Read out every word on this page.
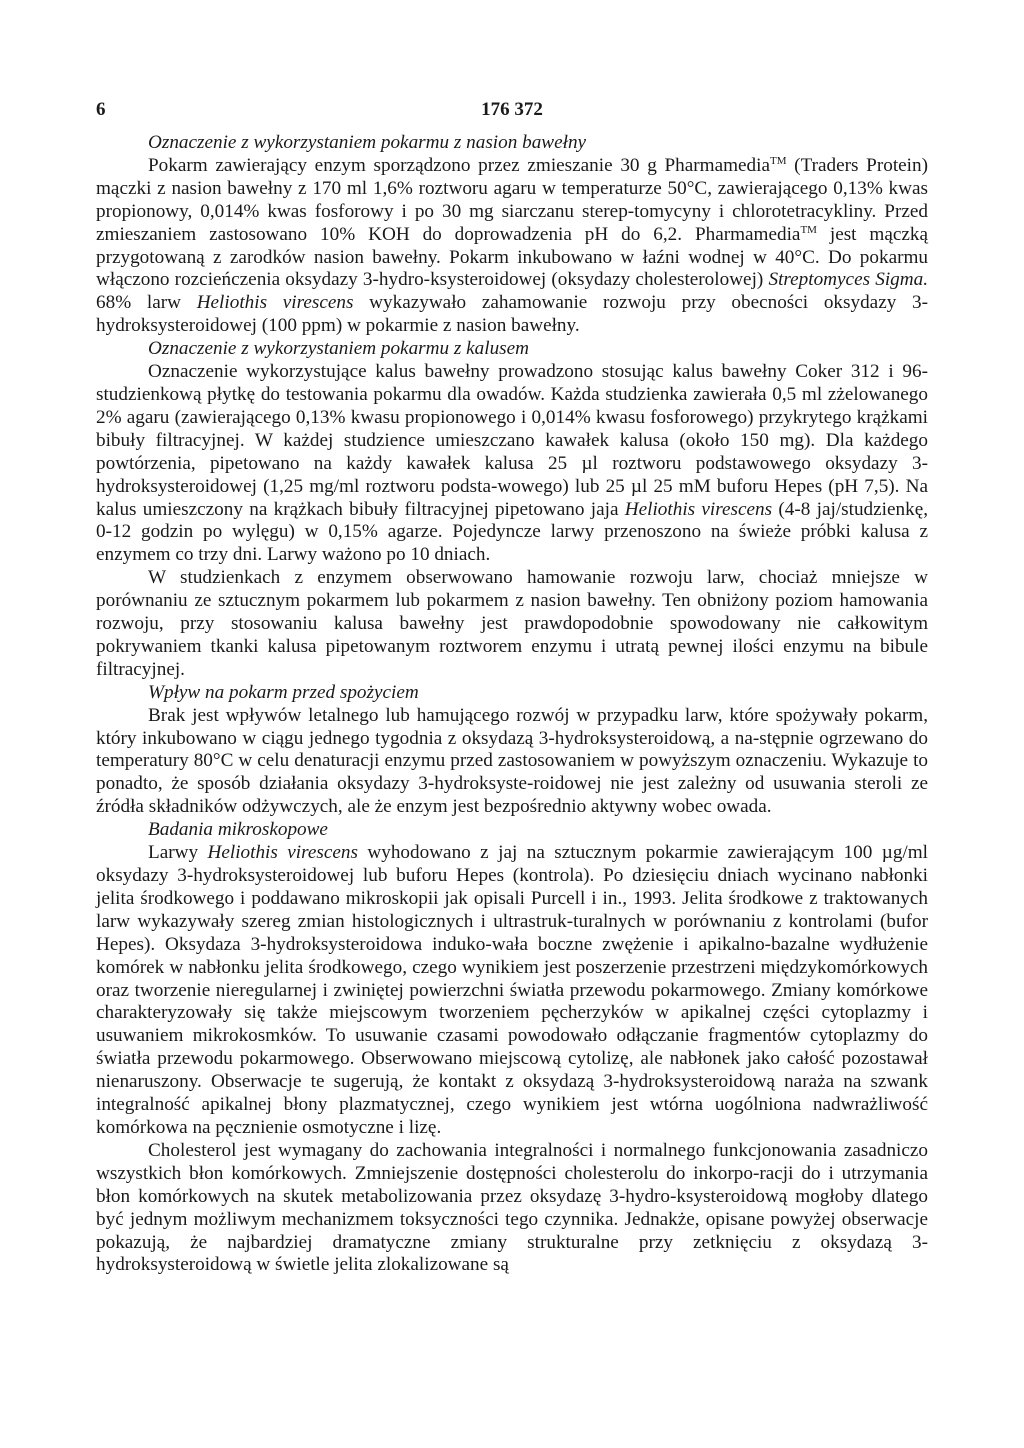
6	176 372

Oznaczenie z wykorzystaniem pokarmu z nasion bawełny

Pokarm zawierający enzym sporządzono przez zmieszanie 30 g Pharmamedia™ (Traders Protein) mączki z nasion bawełny z 170 ml 1,6% roztworu agaru w temperaturze 50°C, zawierającego 0,13% kwas propionowy, 0,014% kwas fosforowy i po 30 mg siarczanu sterep-tomycyny i chlorotetracykliny. Przed zmieszaniem zastosowano 10% KOH do doprowadzenia pH do 6,2. Pharmamedia™ jest mączką przygotowaną z zarodków nasion bawełny. Pokarm inkubowano w łaźni wodnej w 40°C. Do pokarmu włączono rozcieńczenia oksydazy 3-hydro-ksysteroidowej (oksydazy cholesterolowej) Streptomyces Sigma. 68% larw Heliothis virescens wykazywało zahamowanie rozwoju przy obecności oksydazy 3-hydroksysteroidowej (100 ppm) w pokarmie z nasion bawełny.

Oznaczenie z wykorzystaniem pokarmu z kalusem

Oznaczenie wykorzystujące kalus bawełny prowadzono stosując kalus bawełny Coker 312 i 96-studzienkową płytkę do testowania pokarmu dla owadów. Każda studzienka zawierała 0,5 ml zżelowanego 2% agaru (zawierającego 0,13% kwasu propionowego i 0,014% kwasu fosforowego) przykrytego krążkami bibuły filtracyjnej. W każdej studzience umieszczano kawałek kalusa (około 150 mg). Dla każdego powtórzenia, pipetowano na każdy kawałek kalusa 25 µl roztworu podstawowego oksydazy 3-hydroksysteroidowej (1,25 mg/ml roztworu podsta-wowego) lub 25 µl 25 mM buforu Hepes (pH 7,5). Na kalus umieszczony na krążkach bibuły filtracyjnej pipetowano jaja Heliothis virescens (4-8 jaj/studzienkę, 0-12 godzin po wylęgu) w 0,15% agarze. Pojedyncze larwy przenoszono na świeże próbki kalusa z enzymem co trzy dni. Larwy ważono po 10 dniach.

W studzienkach z enzymem obserwowano hamowanie rozwoju larw, chociaż mniejsze w porównaniu ze sztucznym pokarmem lub pokarmem z nasion bawełny. Ten obniżony poziom hamowania rozwoju, przy stosowaniu kalusa bawełny jest prawdopodobnie spowodowany nie całkowitym pokrywaniem tkanki kalusa pipetowanym roztworem enzymu i utratą pewnej ilości enzymu na bibule filtracyjnej.

Wpływ na pokarm przed spożyciem

Brak jest wpływów letalnego lub hamującego rozwój w przypadku larw, które spożywały pokarm, który inkubowano w ciągu jednego tygodnia z oksydazą 3-hydroksysteroidową, a na-stępnie ogrzewano do temperatury 80°C w celu denaturacji enzymu przed zastosowaniem w powyższym oznaczeniu. Wykazuje to ponadto, że sposób działania oksydazy 3-hydroksyste-roidowej nie jest zależny od usuwania steroli ze źródła składników odżywczych, ale że enzym jest bezpośrednio aktywny wobec owada.

Badania mikroskopowe

Larwy Heliothis virescens wyhodowano z jaj na sztucznym pokarmie zawierającym 100 µg/ml oksydazy 3-hydroksysteroidowej lub buforu Hepes (kontrola). Po dziesięciu dniach wycinano nabłonki jelita środkowego i poddawano mikroskopii jak opisali Purcell i in., 1993. Jelita środkowe z traktowanych larw wykazywały szereg zmian histologicznych i ultrastruk-turalnych w porównaniu z kontrolami (bufor Hepes). Oksydaza 3-hydroksysteroidowa induko-wała boczne zwężenie i apikalno-bazalne wydłużenie komórek w nabłonku jelita środkowego, czego wynikiem jest poszerzenie przestrzeni międzykomórkowych oraz tworzenie nieregularnej i zwiniętej powierzchni światła przewodu pokarmowego. Zmiany komórkowe charakteryzowały się także miejscowym tworzeniem pęcherzyków w apikalnej części cytoplazmy i usuwaniem mikrokosmków. To usuwanie czasami powodowało odłączanie fragmentów cytoplazmy do światła przewodu pokarmowego. Obserwowano miejscową cytolizę, ale nabłonek jako całość pozostawał nienaruszony. Obserwacje te sugerują, że kontakt z oksydazą 3-hydroksysteroidową naraża na szwank integralność apikalnej błony plazmatycznej, czego wynikiem jest wtórna uogólniona nadwrażliwość komórkowa na pęcznienie osmotyczne i lizę.

Cholesterol jest wymagany do zachowania integralności i normalnego funkcjonowania zasadniczo wszystkich błon komórkowych. Zmniejszenie dostępności cholesterolu do inkorpo-racji do i utrzymania błon komórkowych na skutek metabolizowania przez oksydazę 3-hydro-ksysteroidową mogłoby dlatego być jednym możliwym mechanizmem toksyczności tego czynnika. Jednakże, opisane powyżej obserwacje pokazują, że najbardziej dramatyczne zmiany strukturalne przy zetknięciu z oksydazą 3-hydroksysteroidową w świetle jelita zlokalizowane są
